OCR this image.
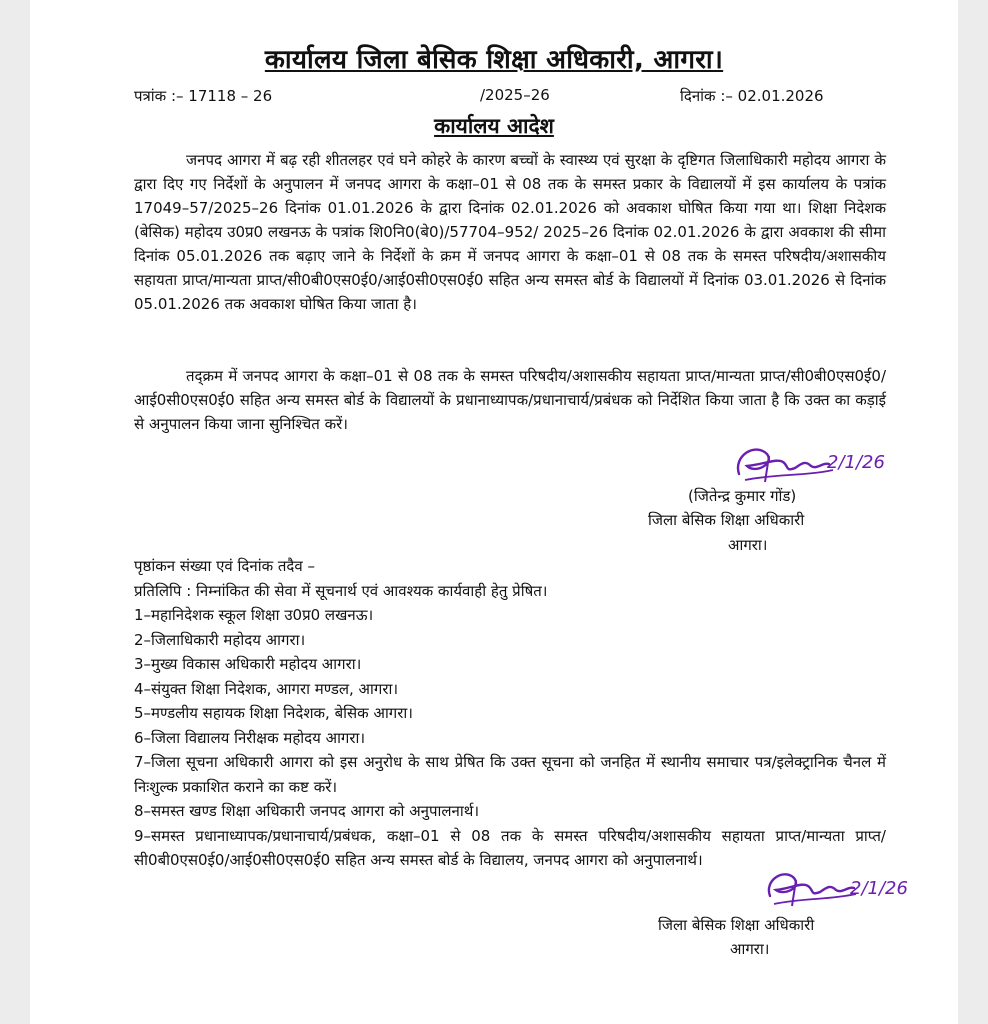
कार्यालय जिला बेसिक शिक्षा अधिकारी, आगरा।
पत्रांक :– 17118 – 26	/2025–26	दिनांक :– 02.01.2026
कार्यालय आदेश

जनपद आगरा में बढ़ रही शीतलहर एवं घने कोहरे के कारण बच्चों के स्वास्थ्य एवं सुरक्षा के दृष्टिगत जिलाधिकारी महोदय आगरा के द्वारा दिए गए निर्देशों के अनुपालन में जनपद आगरा के कक्षा–01 से 08 तक के समस्त प्रकार के विद्यालयों में इस कार्यालय के पत्रांक 17049–57/2025–26 दिनांक 01.01.2026 के द्वारा दिनांक 02.01.2026 को अवकाश घोषित किया गया था। शिक्षा निदेशक (बेसिक) महोदय उ0प्र0 लखनऊ के पत्रांक शि0नि0(बे0)/57704–952/ 2025–26 दिनांक 02.01.2026 के द्वारा अवकाश की सीमा दिनांक 05.01.2026 तक बढ़ाए जाने के निर्देशों के क्रम में जनपद आगरा के कक्षा–01 से 08 तक के समस्त परिषदीय/अशासकीय सहायता प्राप्त/मान्यता प्राप्त/सी0बी0एस0ई0/आई0सी0एस0ई0 सहित अन्य समस्त बोर्ड के विद्यालयों में दिनांक 03.01.2026 से दिनांक 05.01.2026 तक अवकाश घोषित किया जाता है।

तद्क्रम में जनपद आगरा के कक्षा–01 से 08 तक के समस्त परिषदीय/अशासकीय सहायता प्राप्त/मान्यता प्राप्त/सी0बी0एस0ई0/आई0सी0एस0ई0 सहित अन्य समस्त बोर्ड के विद्यालयों के प्रधानाध्यापक/प्रधानाचार्य/प्रबंधक को निर्देशित किया जाता है कि उक्त का कड़ाई से अनुपालन किया जाना सुनिश्चित करें।

2/1/26
(जितेन्द्र कुमार गोंड)
जिला बेसिक शिक्षा अधिकारी
आगरा।
पृष्ठांकन संख्या एवं दिनांक तदैव –
प्रतिलिपि : निम्नांकित की सेवा में सूचनार्थ एवं आवश्यक कार्यवाही हेतु प्रेषित।
1–महानिदेशक स्कूल शिक्षा उ0प्र0 लखनऊ।
2–जिलाधिकारी महोदय आगरा।
3–मुख्य विकास अधिकारी महोदय आगरा।
4–संयुक्त शिक्षा निदेशक, आगरा मण्डल, आगरा।
5–मण्डलीय सहायक शिक्षा निदेशक, बेसिक आगरा।
6–जिला विद्यालय निरीक्षक महोदय आगरा।
7–जिला सूचना अधिकारी आगरा को इस अनुरोध के साथ प्रेषित कि उक्त सूचना को जनहित में स्थानीय समाचार पत्र/इलेक्ट्रानिक चैनल में निःशुल्क प्रकाशित कराने का कष्ट करें।
8–समस्त खण्ड शिक्षा अधिकारी जनपद आगरा को अनुपालनार्थ।
9–समस्त प्रधानाध्यापक/प्रधानाचार्य/प्रबंधक, कक्षा–01 से 08 तक के समस्त परिषदीय/अशासकीय सहायता प्राप्त/मान्यता प्राप्त/सी0बी0एस0ई0/आई0सी0एस0ई0 सहित अन्य समस्त बोर्ड के विद्यालय, जनपद आगरा को अनुपालनार्थ।
2/1/26
जिला बेसिक शिक्षा अधिकारी
आगरा।
